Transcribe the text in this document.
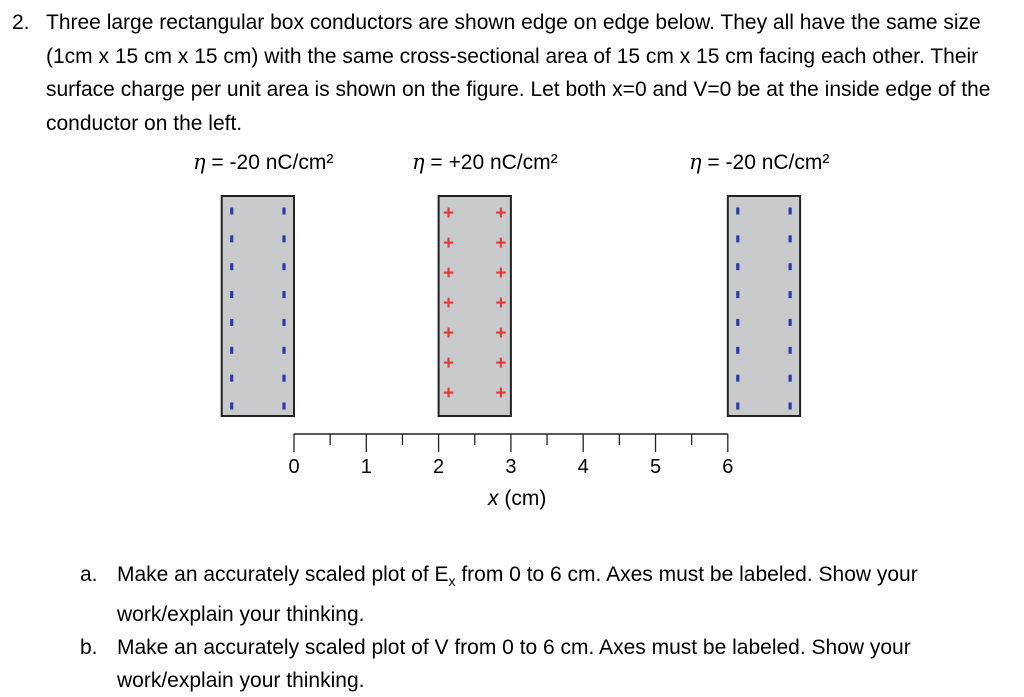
2. Three large rectangular box conductors are shown edge on edge below. They all have the same size (1cm x 15 cm x 15 cm) with the same cross-sectional area of 15 cm x 15 cm facing each other. Their surface charge per unit area is shown on the figure. Let both x=0 and V=0 be at the inside edge of the conductor on the left.
η = -20 nC/cm²	η = +20 nC/cm²	η = -20 nC/cm²
+
+
+
+
+
+
+
+
+
+
+
+
+
+
0	1	2	3	4	5	6
x (cm)
a. Make an accurately scaled plot of $E_x$ from 0 to 6 cm. Axes must be labeled. Show your work/explain your thinking.
b. Make an accurately scaled plot of V from 0 to 6 cm. Axes must be labeled. Show your work/explain your thinking.
